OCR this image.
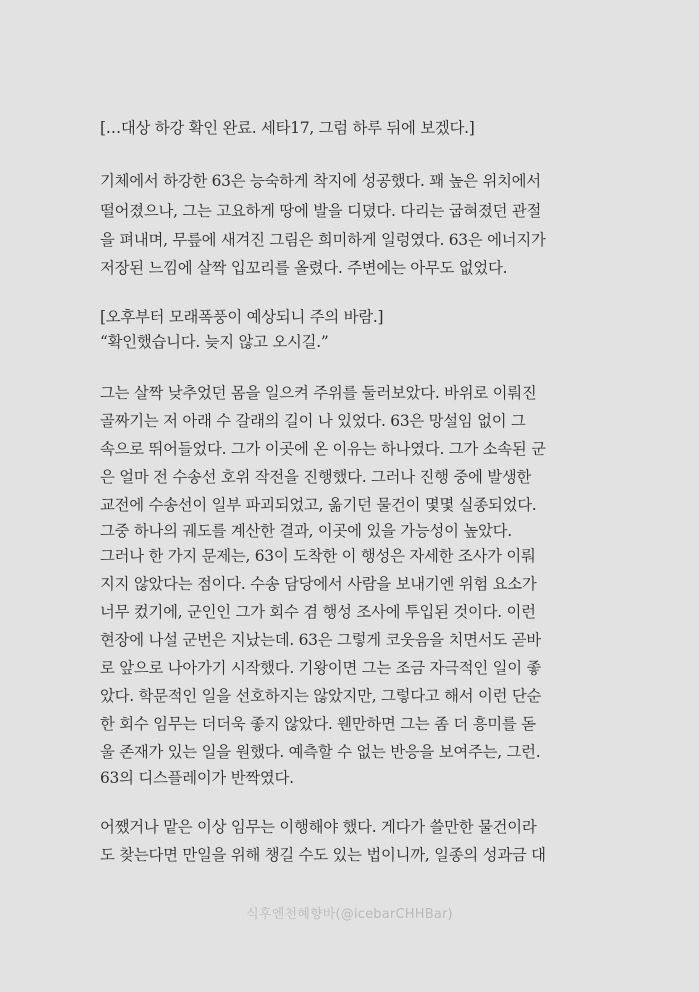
[…대상 하강 확인 완료. 세타17, 그럼 하루 뒤에 보겠다.]
기체에서 하강한 63은 능숙하게 착지에 성공했다. 꽤 높은 위치에서
떨어졌으나, 그는 고요하게 땅에 발을 디뎠다. 다리는 굽혀졌던 관절
을 펴내며, 무릎에 새겨진 그림은 희미하게 일렁였다. 63은 에너지가
저장된 느낌에 살짝 입꼬리를 올렸다. 주변에는 아무도 없었다.
[오후부터 모래폭풍이 예상되니 주의 바람.]
“확인했습니다. 늦지 않고 오시길.”
그는 살짝 낮추었던 몸을 일으켜 주위를 둘러보았다. 바위로 이뤄진
골짜기는 저 아래 수 갈래의 길이 나 있었다. 63은 망설임 없이 그
속으로 뛰어들었다. 그가 이곳에 온 이유는 하나였다. 그가 소속된 군
은 얼마 전 수송선 호위 작전을 진행했다. 그러나 진행 중에 발생한
교전에 수송선이 일부 파괴되었고, 옮기던 물건이 몇몇 실종되었다.
그중 하나의 궤도를 계산한 결과, 이곳에 있을 가능성이 높았다.
그러나 한 가지 문제는, 63이 도착한 이 행성은 자세한 조사가 이뤄
지지 않았다는 점이다. 수송 담당에서 사람을 보내기엔 위험 요소가
너무 컸기에, 군인인 그가 회수 겸 행성 조사에 투입된 것이다. 이런
현장에 나설 군번은 지났는데. 63은 그렇게 코웃음을 치면서도 곧바
로 앞으로 나아가기 시작했다. 기왕이면 그는 조금 자극적인 일이 좋
았다. 학문적인 일을 선호하지는 않았지만, 그렇다고 해서 이런 단순
한 회수 임무는 더더욱 좋지 않았다. 웬만하면 그는 좀 더 흥미를 돋
울 존재가 있는 일을 원했다. 예측할 수 없는 반응을 보여주는, 그런.
63의 디스플레이가 반짝였다.
어쨌거나 맡은 이상 임무는 이행해야 했다. 게다가 쓸만한 물건이라
도 찾는다면 만일을 위해 챙길 수도 있는 법이니까, 일종의 성과금 대
식후엔천혜향바(@icebarCHHBar)
